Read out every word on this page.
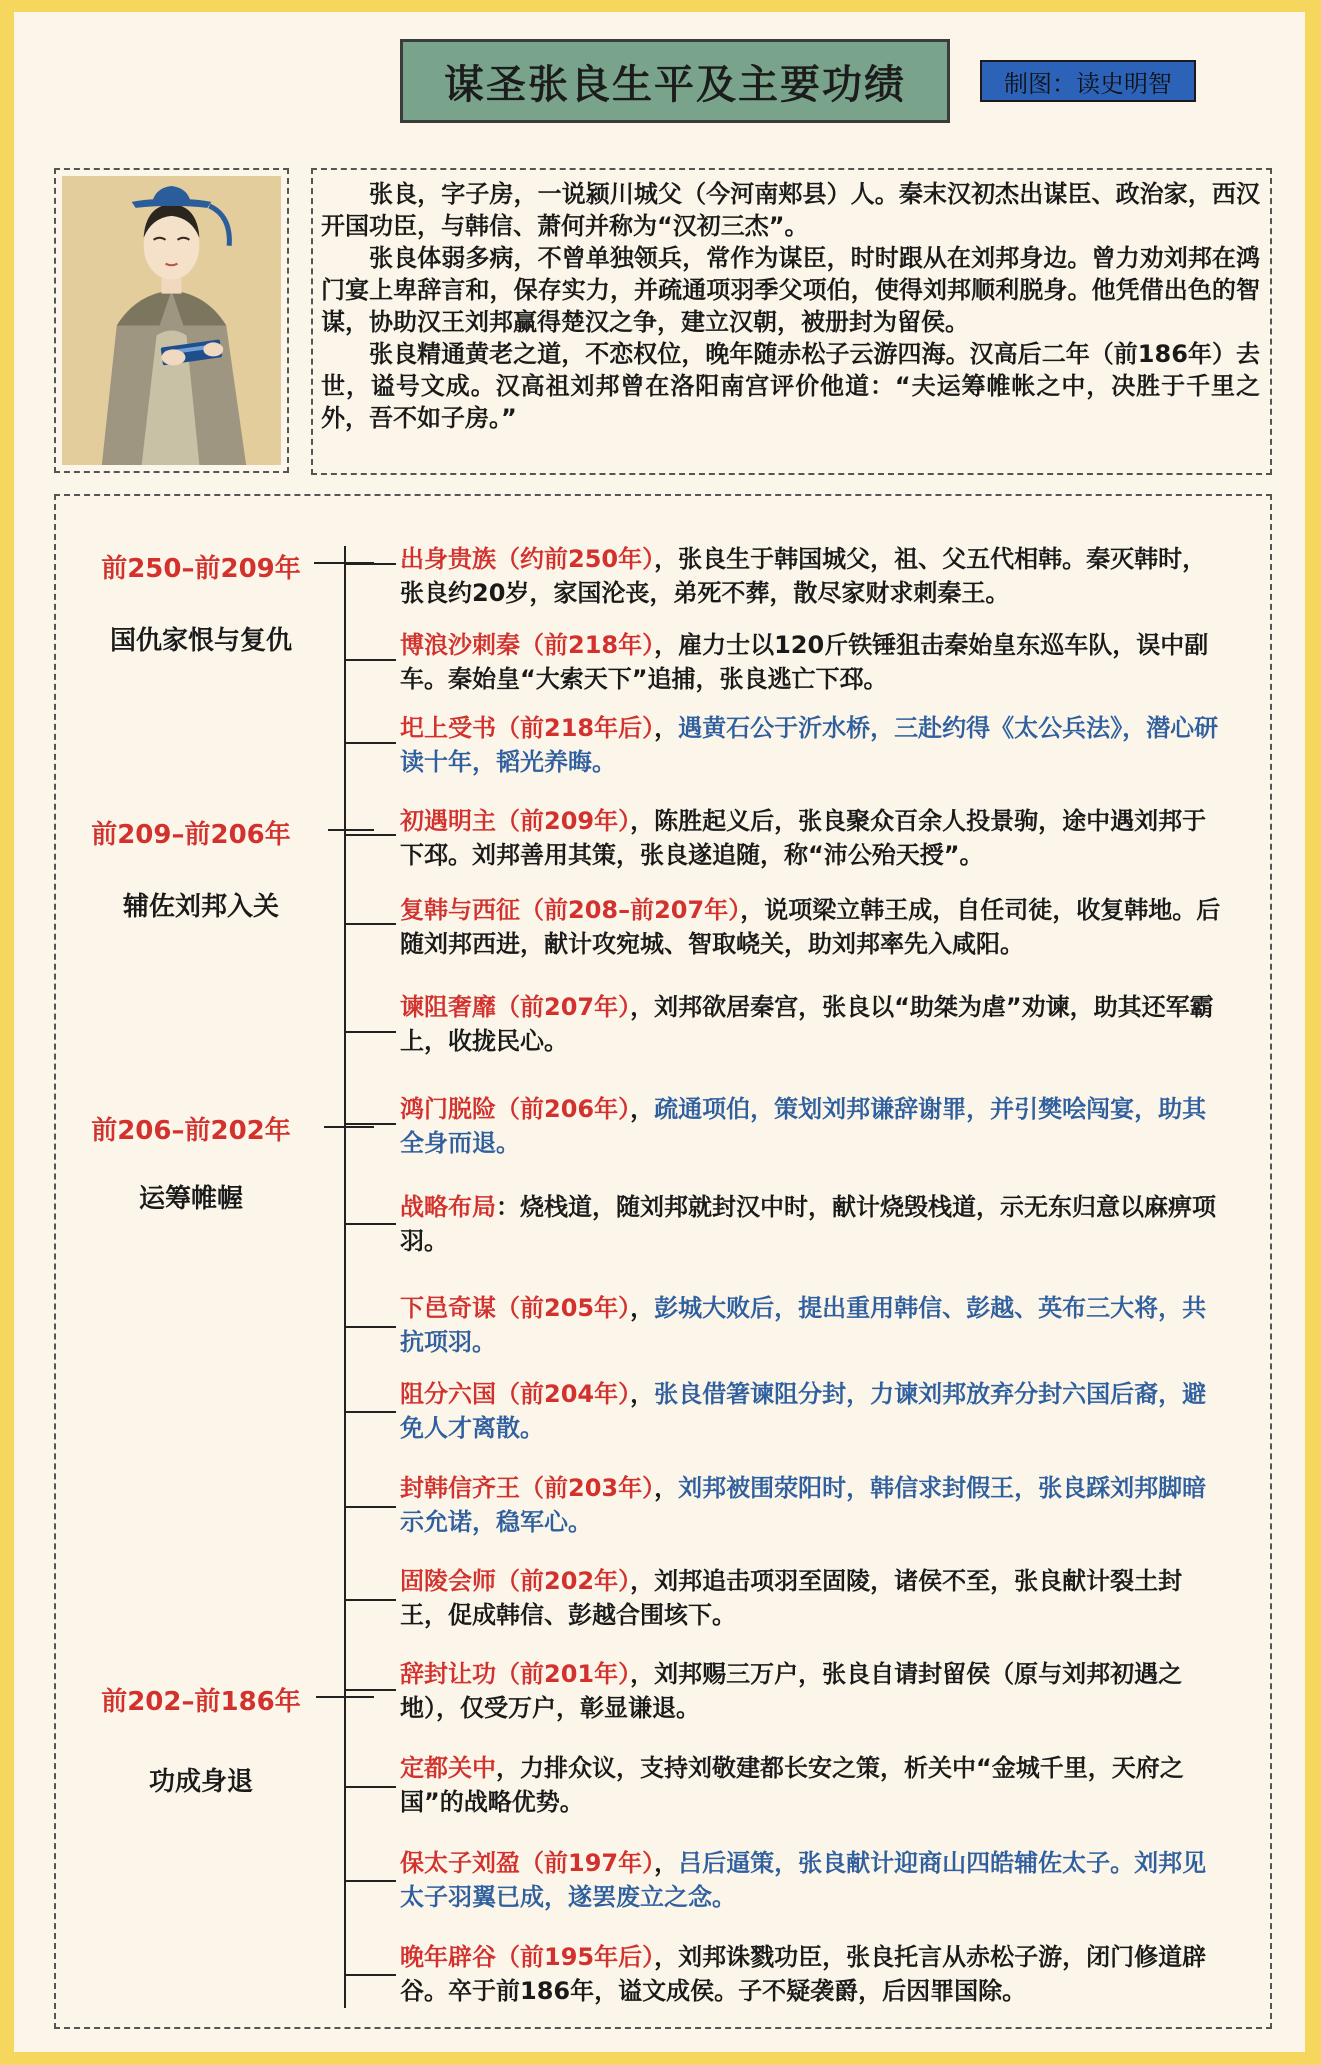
谋圣张良生平及主要功绩	制图：读史明智

张良，字子房，一说颍川城父（今河南郏县）人。秦末汉初杰出谋臣、政治家，西汉开国功臣，与韩信、萧何并称为“汉初三杰”。

张良体弱多病，不曾单独领兵，常作为谋臣，时时跟从在刘邦身边。曾力劝刘邦在鸿门宴上卑辞言和，保存实力，并疏通项羽季父项伯，使得刘邦顺利脱身。他凭借出色的智谋，协助汉王刘邦赢得楚汉之争，建立汉朝，被册封为留侯。

张良精通黄老之道，不恋权位，晚年随赤松子云游四海。汉高后二年（前186年）去世，谥号文成。汉高祖刘邦曾在洛阳南宫评价他道：“夫运筹帷帐之中，决胜于千里之外，吾不如子房。”

前250–前209年
国仇家恨与复仇
前209–前206年
辅佐刘邦入关
前206–前202年
运筹帷幄
前202–前186年
功成身退
出身贵族（约前250年），张良生于韩国城父，祖、父五代相韩。秦灭韩时，张良约20岁，家国沦丧，弟死不葬，散尽家财求刺秦王。
博浪沙刺秦（前218年），雇力士以120斤铁锤狙击秦始皇东巡车队，误中副车。秦始皇“大索天下”追捕，张良逃亡下邳。
圯上受书（前218年后），遇黄石公于沂水桥，三赴约得《太公兵法》，潜心研读十年，韬光养晦。
初遇明主（前209年），陈胜起义后，张良聚众百余人投景驹，途中遇刘邦于下邳。刘邦善用其策，张良遂追随，称“沛公殆天授”。
复韩与西征（前208–前207年），说项梁立韩王成，自任司徒，收复韩地。后随刘邦西进，献计攻宛城、智取峣关，助刘邦率先入咸阳。
谏阻奢靡（前207年），刘邦欲居秦宫，张良以“助桀为虐”劝谏，助其还军霸上，收拢民心。
鸿门脱险（前206年），疏通项伯，策划刘邦谦辞谢罪，并引樊哙闯宴，助其全身而退。
战略布局：烧栈道，随刘邦就封汉中时，献计烧毁栈道，示无东归意以麻痹项羽。
下邑奇谋（前205年），彭城大败后，提出重用韩信、彭越、英布三大将，共抗项羽。
阻分六国（前204年），张良借箸谏阻分封，力谏刘邦放弃分封六国后裔，避免人才离散。
封韩信齐王（前203年），刘邦被围荥阳时，韩信求封假王，张良踩刘邦脚暗示允诺，稳军心。
固陵会师（前202年），刘邦追击项羽至固陵，诸侯不至，张良献计裂土封王，促成韩信、彭越合围垓下。
辞封让功（前201年），刘邦赐三万户，张良自请封留侯（原与刘邦初遇之地），仅受万户，彰显谦退。
定都关中，力排众议，支持刘敬建都长安之策，析关中“金城千里，天府之国”的战略优势。
保太子刘盈（前197年），吕后逼策，张良献计迎商山四皓辅佐太子。刘邦见太子羽翼已成，遂罢废立之念。
晚年辟谷（前195年后），刘邦诛戮功臣，张良托言从赤松子游，闭门修道辟谷。卒于前186年，谥文成侯。子不疑袭爵，后因罪国除。
